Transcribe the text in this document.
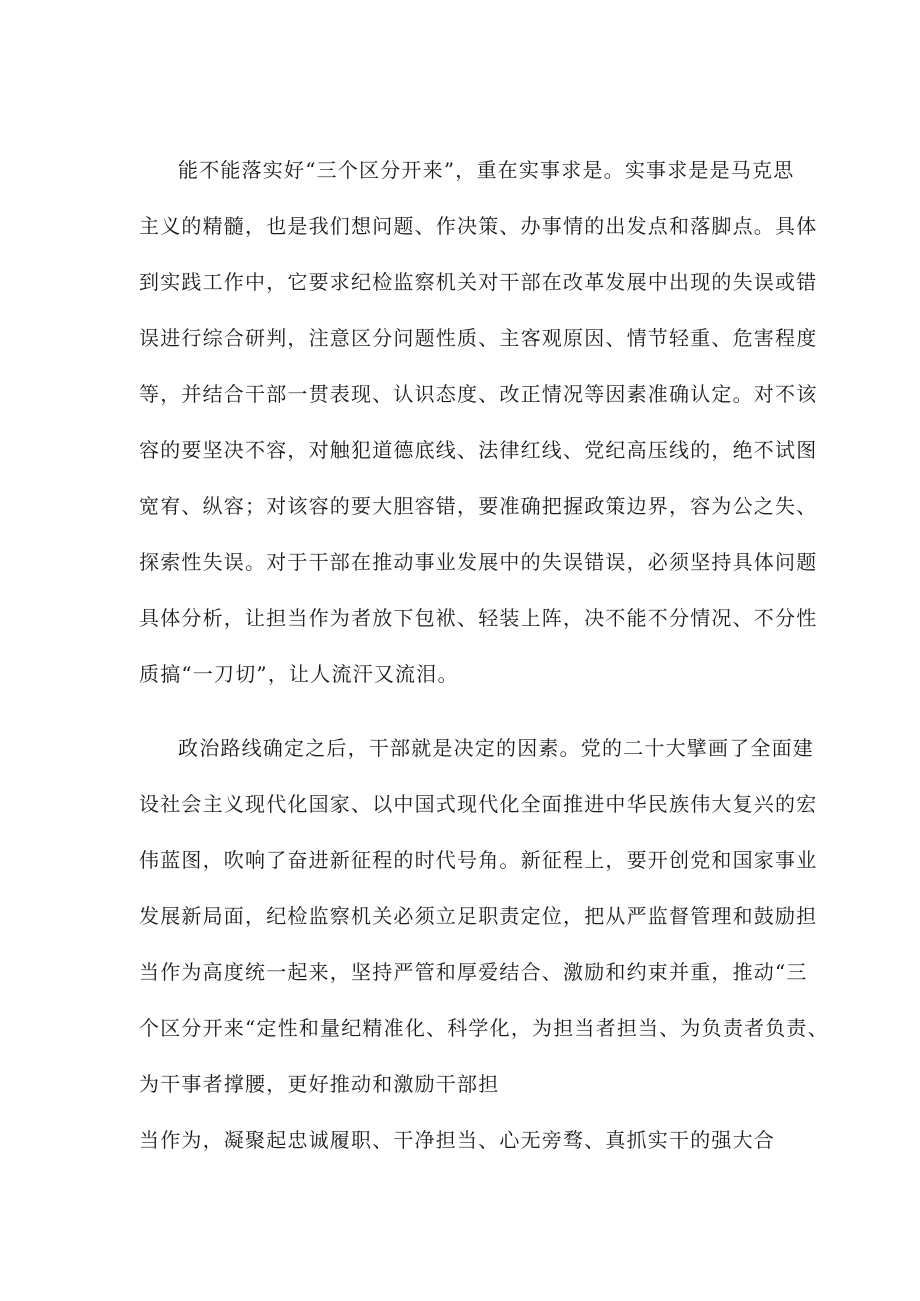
能不能落实好“三个区分开来”，重在实事求是。实事求是是马克思
主义的精髓，也是我们想问题、作决策、办事情的出发点和落脚点。具体
到实践工作中，它要求纪检监察机关对干部在改革发展中出现的失误或错
误进行综合研判，注意区分问题性质、主客观原因、情节轻重、危害程度
等，并结合干部一贯表现、认识态度、改正情况等因素准确认定。对不该
容的要坚决不容，对触犯道德底线、法律红线、党纪高压线的，绝不试图
宽宥、纵容；对该容的要大胆容错，要准确把握政策边界，容为公之失、
探索性失误。对于干部在推动事业发展中的失误错误，必须坚持具体问题
具体分析，让担当作为者放下包袱、轻装上阵，决不能不分情况、不分性
质搞“一刀切”，让人流汗又流泪。
政治路线确定之后，干部就是决定的因素。党的二十大擘画了全面建
设社会主义现代化国家、以中国式现代化全面推进中华民族伟大复兴的宏
伟蓝图，吹响了奋进新征程的时代号角。新征程上，要开创党和国家事业
发展新局面，纪检监察机关必须立足职责定位，把从严监督管理和鼓励担
当作为高度统一起来，坚持严管和厚爱结合、激励和约束并重，推动“三
个区分开来“定性和量纪精准化、科学化，为担当者担当、为负责者负责、
为干事者撑腰，更好推动和激励干部担
当作为，凝聚起忠诚履职、干净担当、心无旁骛、真抓实干的强大合
